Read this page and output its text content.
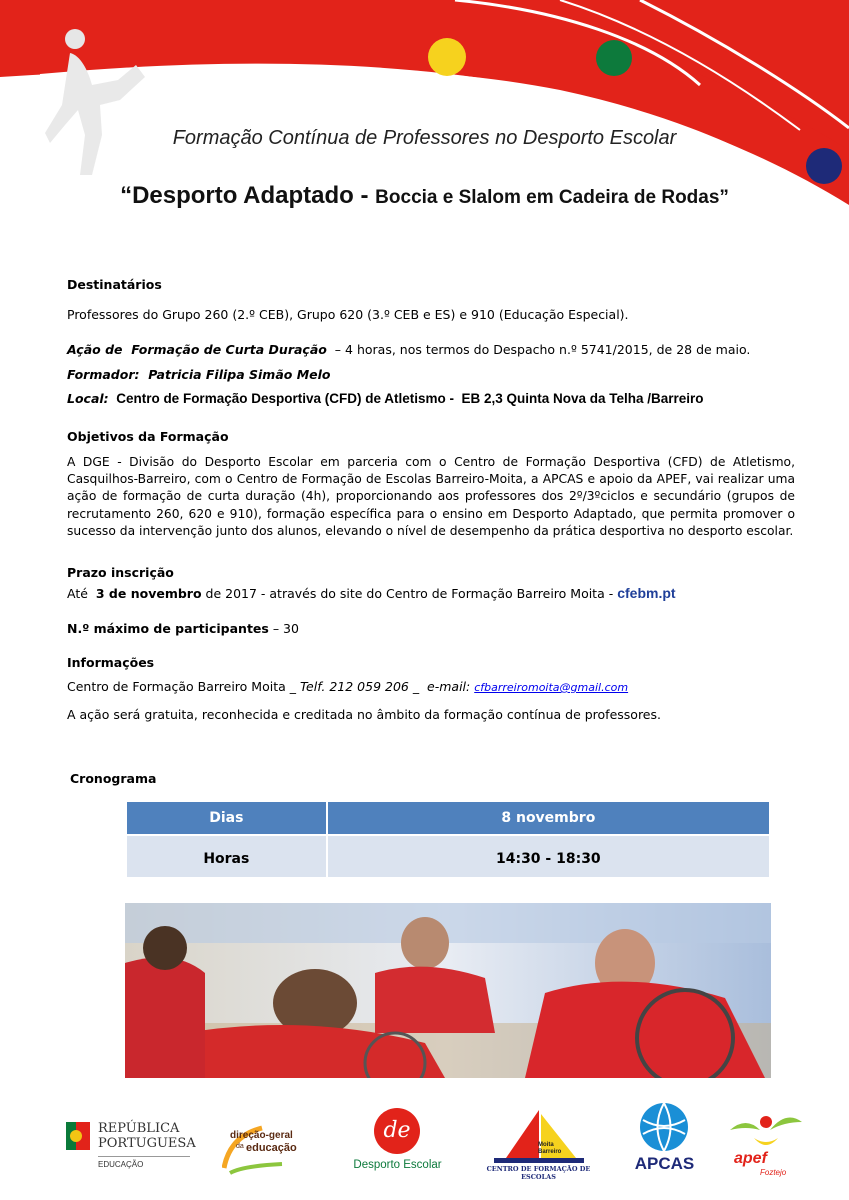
Formação Contínua de Professores no Desporto Escolar
“Desporto Adaptado - Boccia e Slalom em Cadeira de Rodas”
Destinatários
Professores do Grupo 260 (2.º CEB), Grupo 620 (3.º CEB e ES) e 910 (Educação Especial).
Ação de  Formação de Curta Duração  – 4 horas, nos termos do Despacho n.º 5741/2015, de 28 de maio.
Formador:  Patricia Filipa Simão Melo
Local:  Centro de Formação Desportiva (CFD) de Atletismo -  EB 2,3 Quinta Nova da Telha /Barreiro
Objetivos da Formação
A DGE - Divisão do Desporto Escolar em parceria com o Centro de Formação Desportiva (CFD) de Atletismo, Casquilhos-Barreiro, com o Centro de Formação de Escolas Barreiro-Moita, a APCAS e apoio da APEF, vai realizar uma ação de formação de curta duração (4h), proporcionando aos professores dos 2º/3ºciclos e secundário (grupos de recrutamento 260, 620 e 910), formação específica para o ensino em Desporto Adaptado, que permita promover o sucesso da intervenção junto dos alunos, elevando o nível de desempenho da prática desportiva no desporto escolar.
Prazo inscrição
Até  3 de novembro de 2017 - através do site do Centro de Formação Barreiro Moita - cfebm.pt
N.º máximo de participantes – 30
Informações
Centro de Formação Barreiro Moita _ Telf. 212 059 206 _  e-mail: cfbarreiromoita@gmail.com
A ação será gratuita, reconhecida e creditada no âmbito da formação contínua de professores.
Cronograma
Dias	8 novembro
Horas	14:30 - 18:30
REPÚBLICA
PORTUGUESA
EDUCAÇÃO
direção-geral
da educação
de
Desporto Escolar
Moita
Barreiro
CENTRO DE FORMAÇÃO DE ESCOLAS
APCAS	apef
Foztejo
